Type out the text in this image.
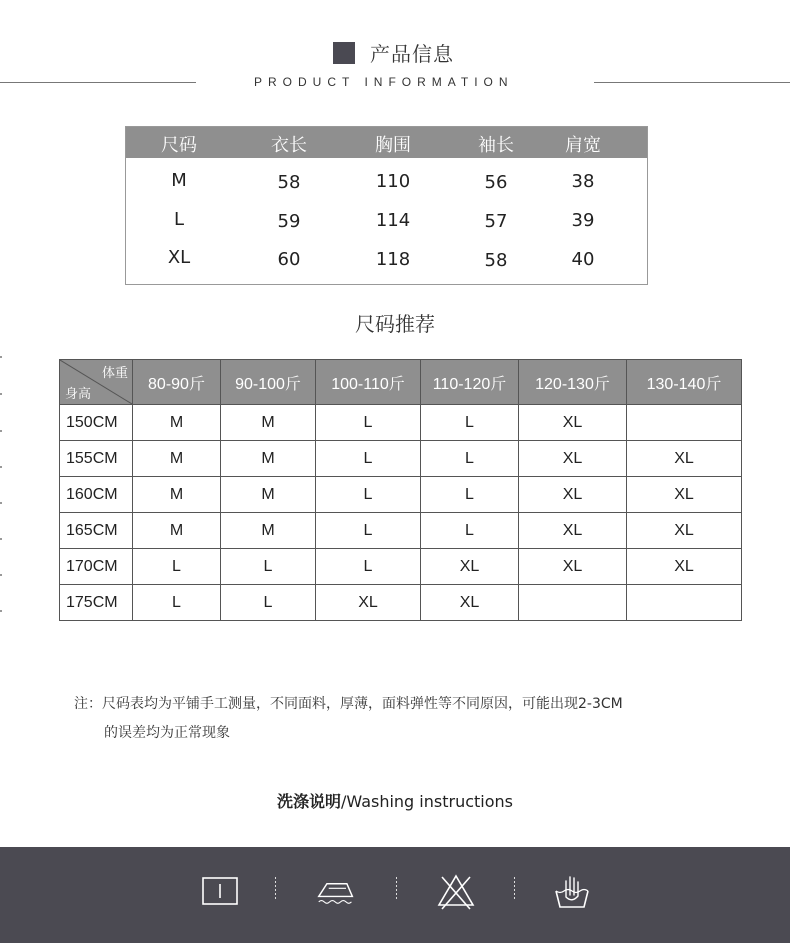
产品信息
PRODUCT INFORMATION
尺码	衣长	胸围	袖长	肩宽
M	58	110	56	38
L	59	114	57	39
XL	60	118	58	40
尺码推荐
体重
身高	80-90斤	90-100斤	100-110斤	110-120斤	120-130斤	130-140斤
150CM	M	M	L	L	XL	
155CM	M	M	L	L	XL	XL
160CM	M	M	L	L	XL	XL
165CM	M	M	L	L	XL	XL
170CM	L	L	L	XL	XL	XL
175CM	L	L	XL	XL		
注：尺码表均为平铺手工测量，不同面料，厚薄，面料弹性等不同原因，可能出现2-3CM
的误差均为正常现象
洗涤说明/Washing instructions
